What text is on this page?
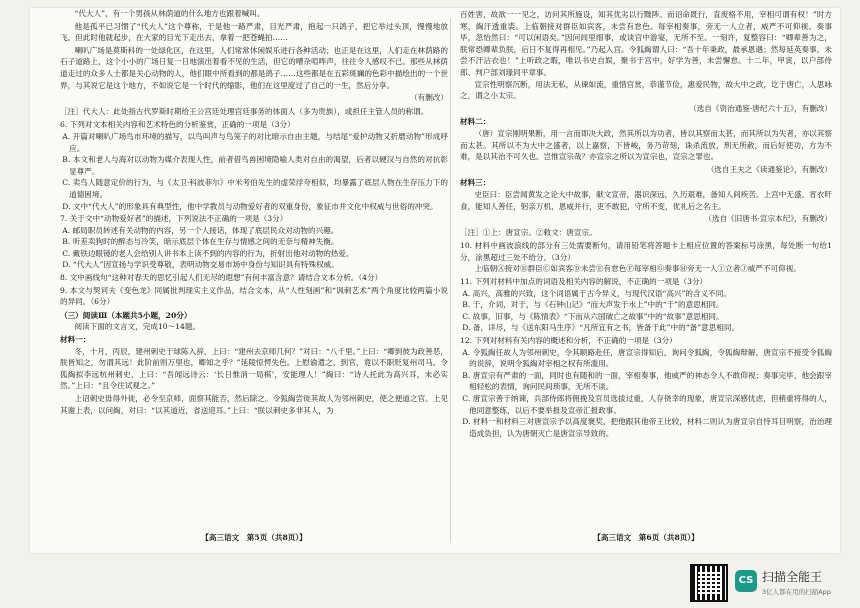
“代大人”，有一个男孩从林荫道的什么地方也跟着喊叫。

他是孤平已习惯了“代大人”这个尊称，于是他一路严肃，目光严肃，抱起一只鸽子，把它举过头顶，慢慢地放飞。但此时他就起步，在大家的目光下走出去，拿着一把苍蝇拍……

喇叭广场是莫斯科的一处绿化区，在这里，人们常常休闲娱乐进行各种活动；也正是在这里，人们走在林荫路的石子道路上，这个小小的广场日复一日地演出着看不见的生活，但它的嘈杂喧哗声，往往令人感叹不已。那些从林荫道走过的众多人士都是关心动物的人，他们眼中所看到的都是鸽子……这些都是在五彩斑斓的色彩中描绘出的一个世界，与其说它是这个地方，不如说它是一个时代的缩影，他们在这里度过了自己的一生，然后分享。

（有删改）

［注］代大人：此处指古代罗斯时期给王公宫廷处理宫廷事务的体面人（多为贵族），或担任主管人员的称谓。

6. 下列对文本相关内容和艺术特色的分析鉴赏，正确的一项是（3分）

A. 开篇对喇叭广场鸟市环境的描写，以鸟叫声与鸟笼子的对比暗示自由主题，与结尾“爱护动物又折磨动物”形成呼应。

B. 本文和老人与海对以动物为媒介表现人性，前者借鸟兽困境隐喻人类对自由的渴望，后者以硬汉与自然的对抗彰显尊严。

C. 卖鸟人随意定价的行为，与《太卫·科波菲尔》中米考伯先生的虚荣浮夸相似，均暴露了底层人物在生存压力下的道德困境。

D. 文中“代大人”的形象具有典型性，他中学教员与动物爱好者的双重身份，象征市井文化中权威与世俗的冲突。

7. 关于文中“动物爱好者”的描述，下列说法不正确的一项是（3分）

A. 邮局职员转述有关动物的内容，另一个人接话，体现了底层民众对动物的兴趣。

B. 听差卖狗时的醉态与冷笑，暗示底层个体在生存与情感之间的无奈与精神失衡。

C. 戴铁边眼镜的老人会给别人讲书本上读不到的内容的行为，折射出他对动物的热爱。

D. “代大人”因宣扬与学识受尊敬，表明动物交易市场中身份与知识具有特殊权威。

8. 文中画线句“这种对春天的思忆引起人们无尽的遐想”有何丰富含意？请结合文本分析。（4分）

9. 本文与契诃夫《变色龙》同属批判现实主义作品，结合文本，从“人性刻画”和“讽刺艺术”两个角度比较两篇小说的异同。（6分）

（三）阅读Ⅲ（本题共5小题，20分）

阅读下面的文言文，完成10～14题。

材料一：

冬，十月，丙辰，建州刺史于球陈入辞，上曰：“建州去京师几何？”对曰：“八千里。”上曰：“卿到彼为政善恶，朕皆知之，勿谓其远！此阶前则万里也，卿知之乎？”延陵惊愕失色。上慰谕遣之，到官，竟以不职贬复州司马。令狐綯拟李远杭州刺史，上曰：“吾闻远诗云：‘长日惟消一局棋’，安能理人！”綯曰：“诗人托此为高兴耳，未必实然。”上曰：“且令往试观之。”

上诏刺史毋得外徙，必令至京师，面察其能否，然后除之。令狐綯尝徙其故人为邻州刺史，使之便道之官。上见其谢上表，以问綯，对曰：“以其道近，省送迎耳。”上曰：“朕以刺史多非其人，为

【高三语文　第5页（共8页）】

百姓害，故欲一一见之，访问其所施设，知其优劣以行黜陟。而诏命既行，直废格不用，宰相可谓有权！”时方寒，綯汗透重裘。上临朝接对群臣如宾客，未尝有怠色。每宰相奏事，旁无一人立者，威严不可仰视。奏事毕，忽怡然曰：“可以闲语矣。”因问闾里细事，或谈宫中游宴，无所不至。一刻许，复整容曰：“卿辈善为之，朕常恐卿辈负朕，后日不复得再相见。”乃起入宫。令狐綯谓人曰：“吾十年秉政，最承恩遇；然每延英奏事，未尝不汗沾衣也！”上听政之暇，唯以书史自娱，聚书于宫中，好学为善，未尝懈怠。十二年，甲寅，以户部侍郎、判户部刘瑑同平章事。

宣宗性明察沉断，用法无私，从谏如流，重惜官赏，恭谨节俭，惠爱民物，故大中之政，讫于唐亡，人思咏之，谓之小太宗。

（选自《资治通鉴·唐纪六十五》，有删改）

材料二：

（唐）宣宗刚明果断，用一言而即决大政，然其所以为功者，皆以其察而太甚，而其所以为失者，亦以其察而太甚。其所以不为大中之盛者，以上嘉察，下皆峻，务乃苛刻，诛杀流放，刑无所赦，而后好使功，方为不难，是以其治不可久也。岂惟宣宗哉？亦宣宗之所以为宣宗也，宣宗之罪也。

（选自王夫之《读通鉴论》，有删改）

材料三：

史臣曰：臣尝闻黄发之论大中故事，献文宣帝，器识深远，久历艰难，备知人间疾苦。上宫中无盛，宵衣旰食，能知人善任，躬亲万机，恩威并行，吏不敢犯，守所不变，优礼后之名主。

（选自《旧唐书·宣宗本纪》，有删改）

［注］①上：唐宣宗。②敕文：唐宣宗。

10. 材料中画波浪线的部分有三处需要断句，请用铅笔将答题卡上相应位置的答案标号涂黑，每处断一句给1分，涂黑超过三处不给分。（3分）

上临朝Ⓐ接对Ⓑ群臣Ⓒ如宾客Ⓓ未尝Ⓔ有怠色Ⓕ每宰相Ⓖ奏事Ⓗ旁无一人Ⓘ立者Ⓙ威严不可仰视。

11. 下列对材料中加点的词语及相关内容的解说，不正确的一项是（3分）

A. 高兴，高雅的兴致，这个词语属于古今异义，与现代汉语“高兴”的含义不同。

B. 于，介词，对于，与《石钟山记》“而大声发于水上”中的“于”的意思相同。

C. 故事，旧事，与《陈情表》“下而从六国破亡之故事”中的“故事”意思相同。

D. 备，详尽，与《送东阳马生序》“凡所宜有之书，皆备于此”中的“备”意思相同。

12. 下列对材料有关内容的概述和分析，不正确的一项是（3分）

A. 令狐綯任故人为邻州刺史，令其顺路赴任，唐宣宗得知后，询问令狐綯，令狐綯辩解，唐宣宗不接受令狐綯的说辞，说明令狐綯对宰相之权有所滥用。

B. 唐宣宗有严肃的一面，同时也有随和的一面，宰相奏事，他威严的神态令人不敢仰视；奏事完毕，他会跟宰相轻松的表情，询问民间琐事，无所不谈。

C. 唐宣宗善于纳谏，兵部侍郎将佣挽及官员选拔过重，人存侥幸的现象，唐宣宗深感忧虑，但稍重将得的人，他同意整练，以后不要举报及宣帝汇报政事。

D. 材料一和材料三对唐宣宗予以高度褒奖，把他跟其他帝王比较，材料二则认为唐宣宗自恃耳目明察，治治理造成负担，认为唐朝灭亡是唐宣宗导致的。

【高三语文　第6页（共8页）】
CS 扫描全能王
3亿人都在用的扫描App
